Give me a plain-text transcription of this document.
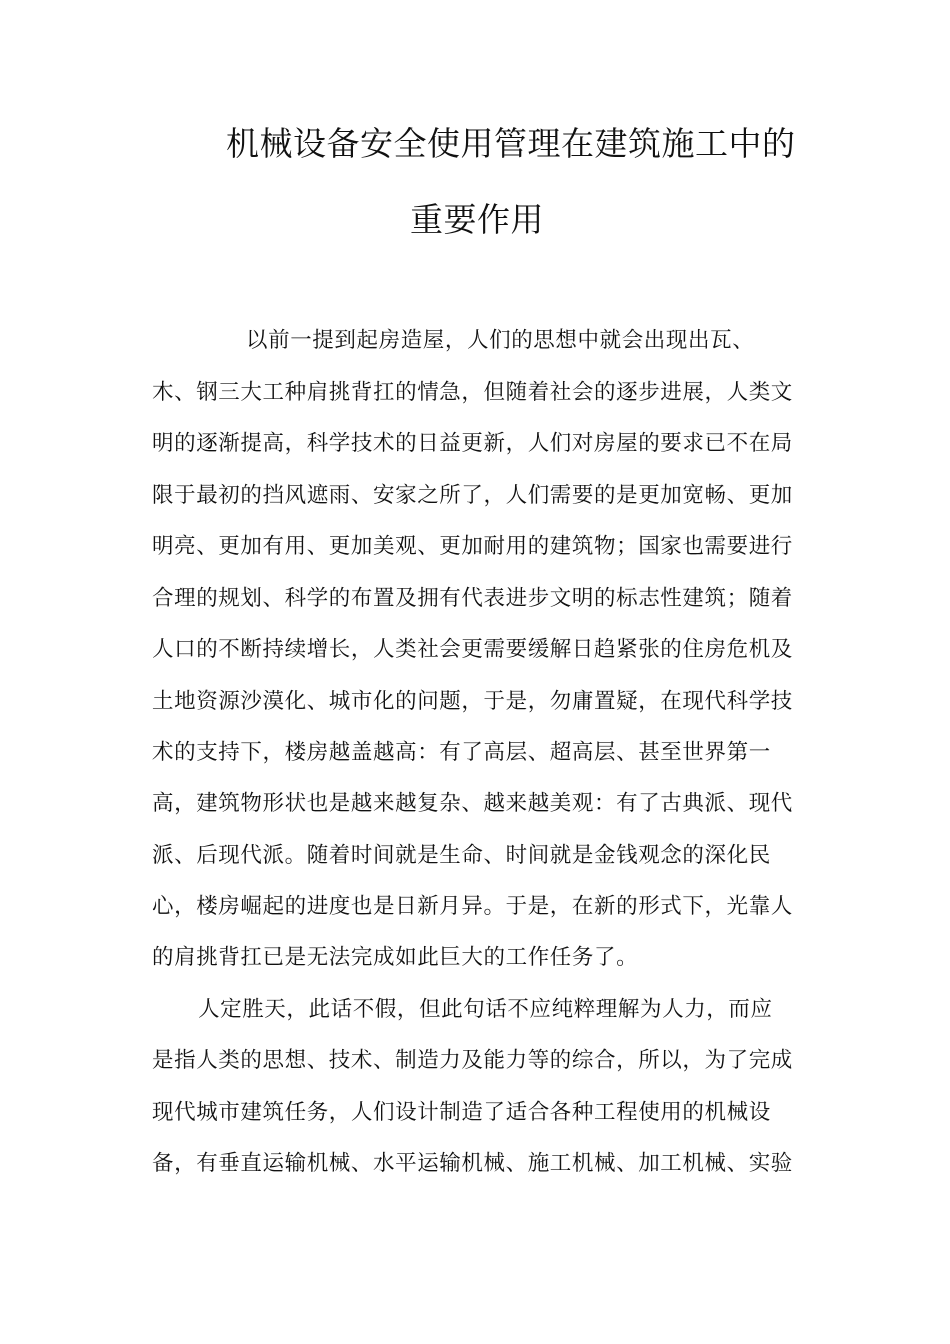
机械设备安全使用管理在建筑施工中的
重要作用
以前一提到起房造屋，人们的思想中就会出现出瓦、
木、钢三大工种肩挑背扛的情急，但随着社会的逐步进展，人类文
明的逐渐提高，科学技术的日益更新，人们对房屋的要求已不在局
限于最初的挡风遮雨、安家之所了，人们需要的是更加宽畅、更加
明亮、更加有用、更加美观、更加耐用的建筑物；国家也需要进行
合理的规划、科学的布置及拥有代表进步文明的标志性建筑；随着
人口的不断持续增长，人类社会更需要缓解日趋紧张的住房危机及
土地资源沙漠化、城市化的问题，于是，勿庸置疑，在现代科学技
术的支持下，楼房越盖越高：有了高层、超高层、甚至世界第一
高，建筑物形状也是越来越复杂、越来越美观：有了古典派、现代
派、后现代派。随着时间就是生命、时间就是金钱观念的深化民
心，楼房崛起的进度也是日新月异。于是，在新的形式下，光靠人
的肩挑背扛已是无法完成如此巨大的工作任务了。
人定胜天，此话不假，但此句话不应纯粹理解为人力，而应
是指人类的思想、技术、制造力及能力等的综合，所以，为了完成
现代城市建筑任务，人们设计制造了适合各种工程使用的机械设
备，有垂直运输机械、水平运输机械、施工机械、加工机械、实验
